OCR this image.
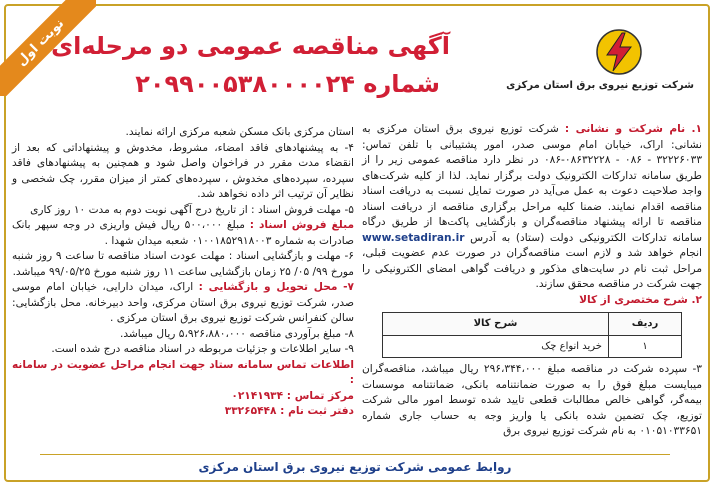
نوبت اول
شرکت توزیع نیروی برق استان مرکزی
آگهی مناقصه عمومی دو مرحله‌ای
شماره ۲۰۹۹۰۰۵۳۸۰۰۰۰۲۴

۱. نام شرکت و نشانی : شرکت توزیع نیروی برق استان مرکزی به نشانی: اراک، خیابان امام موسی صدر، امور پشتیبانی با تلفن تماس: ۳۲۲۲۶۰۳۳ - ۰۸۶ - ۰۸۶۳۲۲۲۸-۰۸۶ در نظر دارد مناقصه عمومی زیر را از طریق سامانه تدارکات الکترونیک دولت برگزار نماید. لذا از کلیه شرکت‌های واجد صلاحیت دعوت به عمل می‌آید در صورت تمایل نسبت به دریافت اسناد مناقصه اقدام نمایند. ضمنا کلیه مراحل برگزاری مناقصه از دریافت اسناد مناقصه تا ارائه پیشنهاد مناقصه‌گران و بازگشایی پاکت‌ها از طریق درگاه سامانه تدارکات الکترونیکی دولت (ستاد) به آدرس www.setadiran.ir انجام خواهد شد و لازم است مناقصه‌گران در صورت عدم عضویت قبلی، مراحل ثبت نام در سایت‌های مذکور و دریافت گواهی امضای الکترونیکی را جهت شرکت در مناقصه محقق سازند.

۲. شرح مختصری از کالا

ردیف	شرح کالا
۱	خرید انواع چک

۳- سپرده شرکت در مناقصه مبلغ ۲۹۶،۳۴۴،۰۰۰ ریال میباشد، مناقصه‌گران میبایست مبلغ فوق را به صورت ضمانتنامه بانکی، ضمانتنامه موسسات بیمه‌گر، گواهی خالص مطالبات قطعی تایید شده توسط امور مالی شرکت توزیع، چک تضمین شده بانکی یا واریز وجه به حساب جاری شماره ۰۱۰۵۱۰۳۳۶۵۱ به نام شرکت توزیع نیروی برق

استان مرکزی بانک مسکن شعبه مرکزی ارائه نمایند.

۴- به پیشنهادهای فاقد امضاء، مشروط، مخدوش و پیشنهاداتی که بعد از انقضاء مدت مقرر در فراخوان واصل شود و همچنین به پیشنهادهای فاقد سپرده، سپرده‌های مخدوش ، سپرده‌های کمتر از میزان مقرر، چک شخصی و نظایر آن ترتیب اثر داده نخواهد شد.

۵- مهلت فروش اسناد : از تاریخ درج آگهی نوبت دوم به مدت ۱۰ روز کاری

مبلغ فروش اسناد : مبلغ ۵۰۰،۰۰۰ ریال فیش واریزی در وجه سپهر بانک صادرات به شماره ۰۱۰۰۱۸۵۲۹۱۸۰۰۳ شعبه میدان شهدا .

۶- مهلت و بازگشایی اسناد : مهلت عودت اسناد مناقصه تا ساعت ۹ روز شنبه مورخ ۹۹/ ۰۵/ ۲۵ زمان بازگشایی ساعت ۱۱ روز شنبه مورخ ۹۹/۰۵/۲۵ میباشد.

۷- محل تحویل و بازگشایی : اراک، میدان دارایی، خیابان امام موسی صدر، شرکت توزیع نیروی برق استان مرکزی، واحد دبیرخانه. محل بازگشایی: سالن کنفرانس شرکت توزیع نیروی برق استان مرکزی .

۸- مبلغ برآوردی مناقصه ۵،۹۲۶،۸۸۰،۰۰۰ ریال میباشد.

۹- سایر اطلاعات و جزئیات مربوطه در اسناد مناقصه درج شده است.

اطلاعات تماس سامانه ستاد جهت انجام مراحل عضویت در سامانه :

مرکز تماس : ۰۲۱۴۱۹۳۴

دفتر ثبت نام : ۳۳۲۶۵۴۴۸

روابط عمومی شرکت توزیع نیروی برق استان مرکزی
